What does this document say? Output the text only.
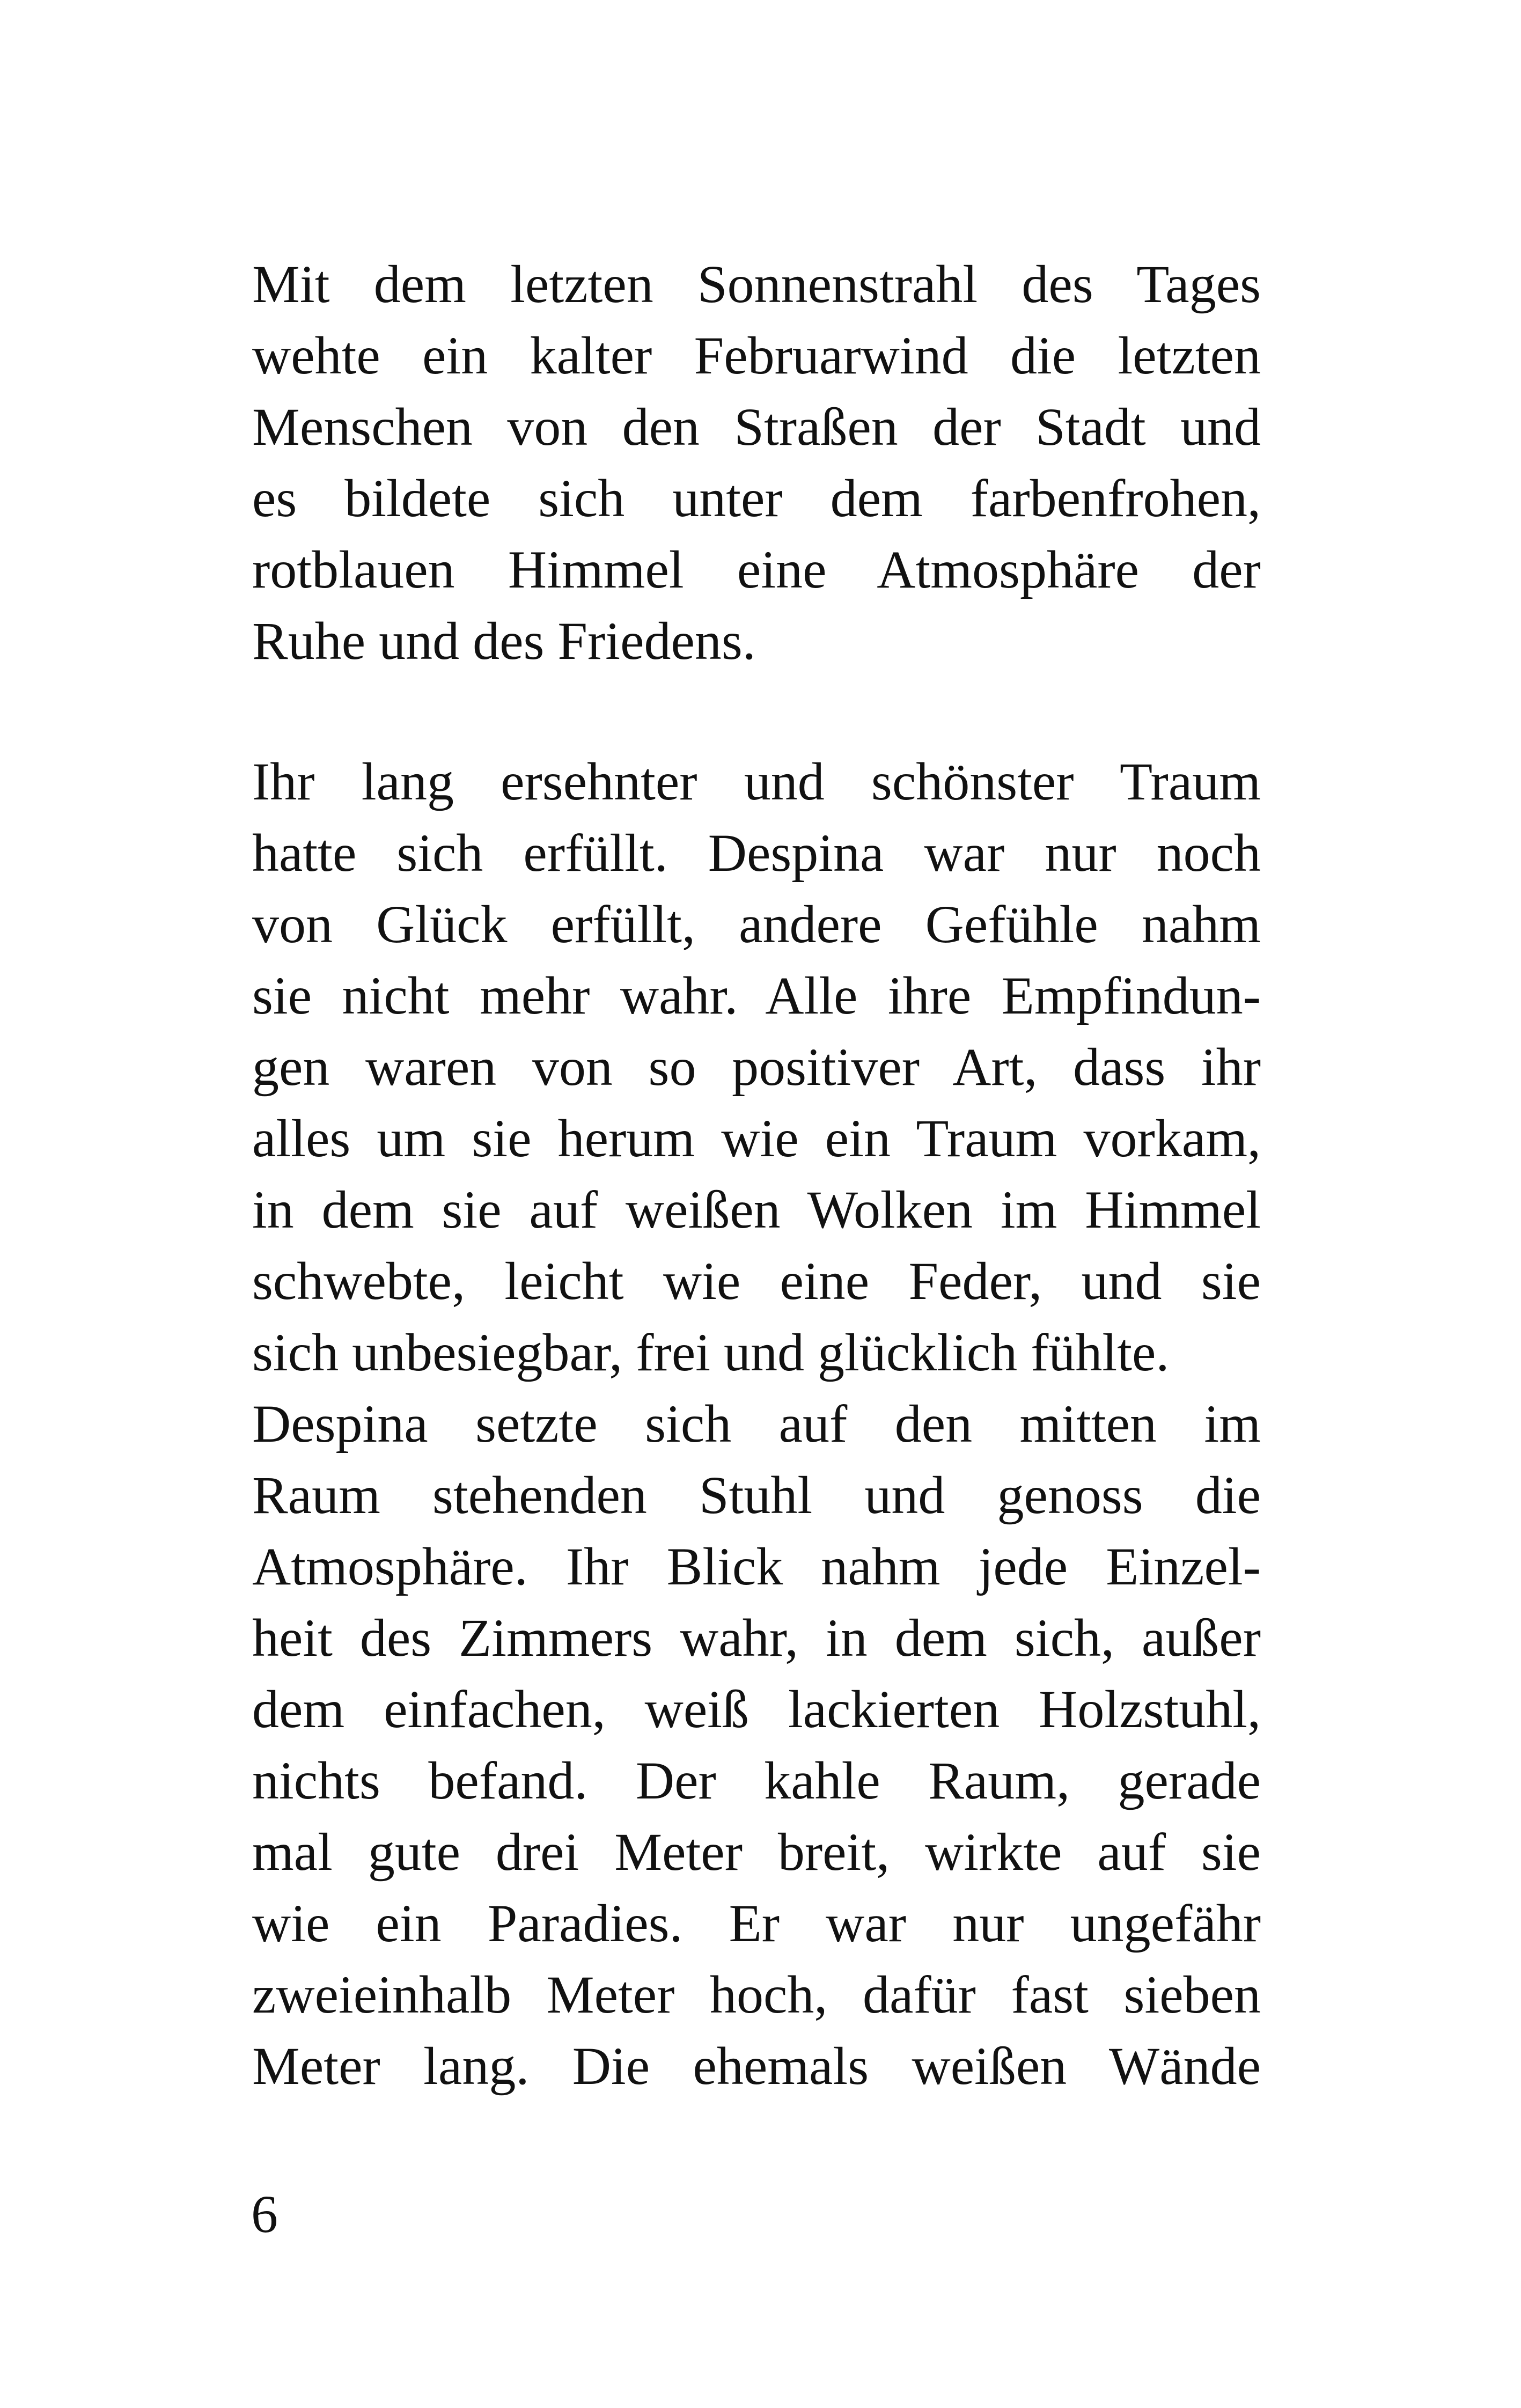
Mit dem letzten Sonnenstrahl des Tages
wehte ein kalter Februarwind die letzten
Menschen von den Straßen der Stadt und
es bildete sich unter dem farbenfrohen,
rotblauen Himmel eine Atmosphäre der
Ruhe und des Friedens.
Ihr lang ersehnter und schönster Traum
hatte sich erfüllt. Despina war nur noch
von Glück erfüllt, andere Gefühle nahm
sie nicht mehr wahr. Alle ihre Empfindun-
gen waren von so positiver Art, dass ihr
alles um sie herum wie ein Traum vorkam,
in dem sie auf weißen Wolken im Himmel
schwebte, leicht wie eine Feder, und sie
sich unbesiegbar, frei und glücklich fühlte.
Despina setzte sich auf den mitten im
Raum stehenden Stuhl und genoss die
Atmosphäre. Ihr Blick nahm jede Einzel-
heit des Zimmers wahr, in dem sich, außer
dem einfachen, weiß lackierten Holzstuhl,
nichts befand. Der kahle Raum, gerade
mal gute drei Meter breit, wirkte auf sie
wie ein Paradies. Er war nur ungefähr
zweieinhalb Meter hoch, dafür fast sieben
Meter lang. Die ehemals weißen Wände
6
